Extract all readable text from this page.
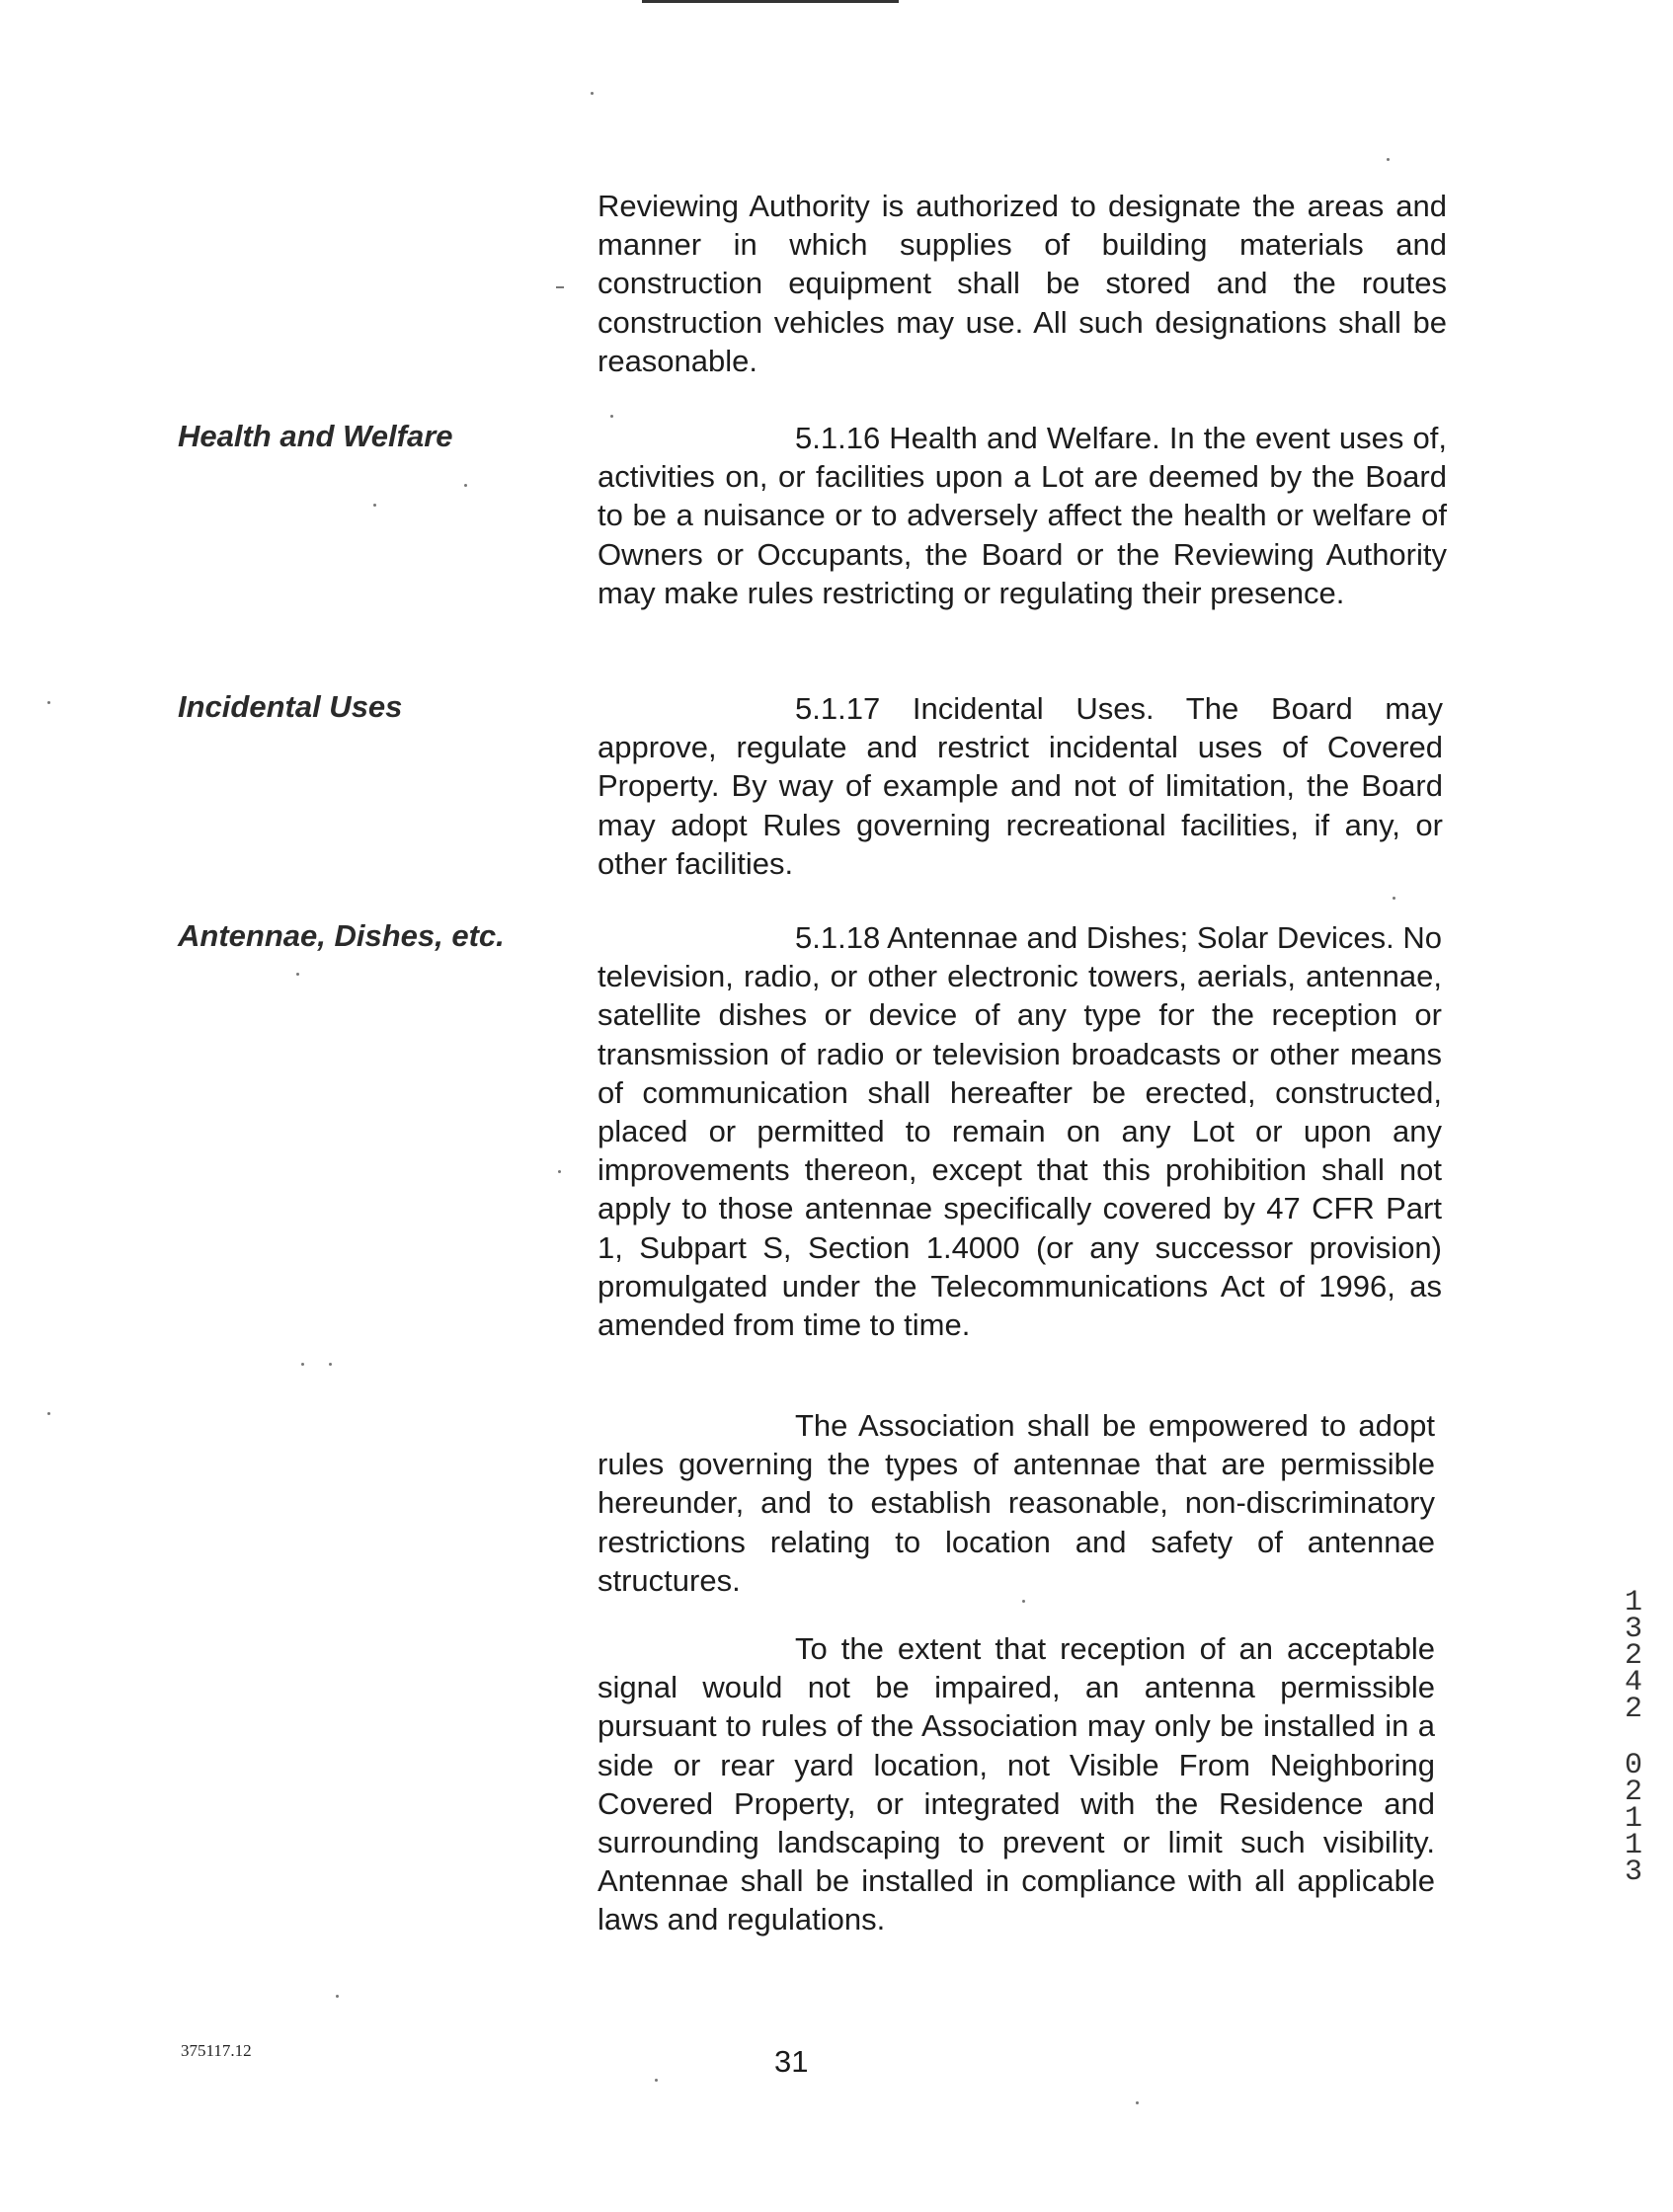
Health and Welfare
Incidental Uses
Antennae, Dishes, etc.
Reviewing Authority is authorized to designate the areas and manner in which supplies of building materials and construction equipment shall be stored and the routes construction vehicles may use. All such designations shall be reasonable.
5.1.16 Health and Welfare. In the event uses of, activities on, or facilities upon a Lot are deemed by the Board to be a nuisance or to adversely affect the health or welfare of Owners or Occupants, the Board or the Reviewing Authority may make rules restricting or regulating their presence.
5.1.17 Incidental Uses. The Board may approve, regulate and restrict incidental uses of Covered Property. By way of example and not of limitation, the Board may adopt Rules governing recreational facilities, if any, or other facilities.
5.1.18 Antennae and Dishes; Solar Devices. No television, radio, or other electronic towers, aerials, antennae, satellite dishes or device of any type for the reception or transmission of radio or television broadcasts or other means of communication shall hereafter be erected, constructed, placed or permitted to remain on any Lot or upon any improvements thereon, except that this prohibition shall not apply to those antennae specifically covered by 47 CFR Part 1, Subpart S, Section 1.4000 (or any successor provision) promulgated under the Telecommunications Act of 1996, as amended from time to time.
The Association shall be empowered to adopt rules governing the types of antennae that are permissible hereunder, and to establish reasonable, non-discriminatory restrictions relating to location and safety of antennae structures.
To the extent that reception of an acceptable signal would not be impaired, an antenna permissible pursuant to rules of the Association may only be installed in a side or rear yard location, not Visible From Neighboring Covered Property, or integrated with the Residence and surrounding landscaping to prevent or limit such visibility. Antennae shall be installed in compliance with all applicable laws and regulations.
1
3
2
4
2
0
2
1
1
3
375117.12	31
